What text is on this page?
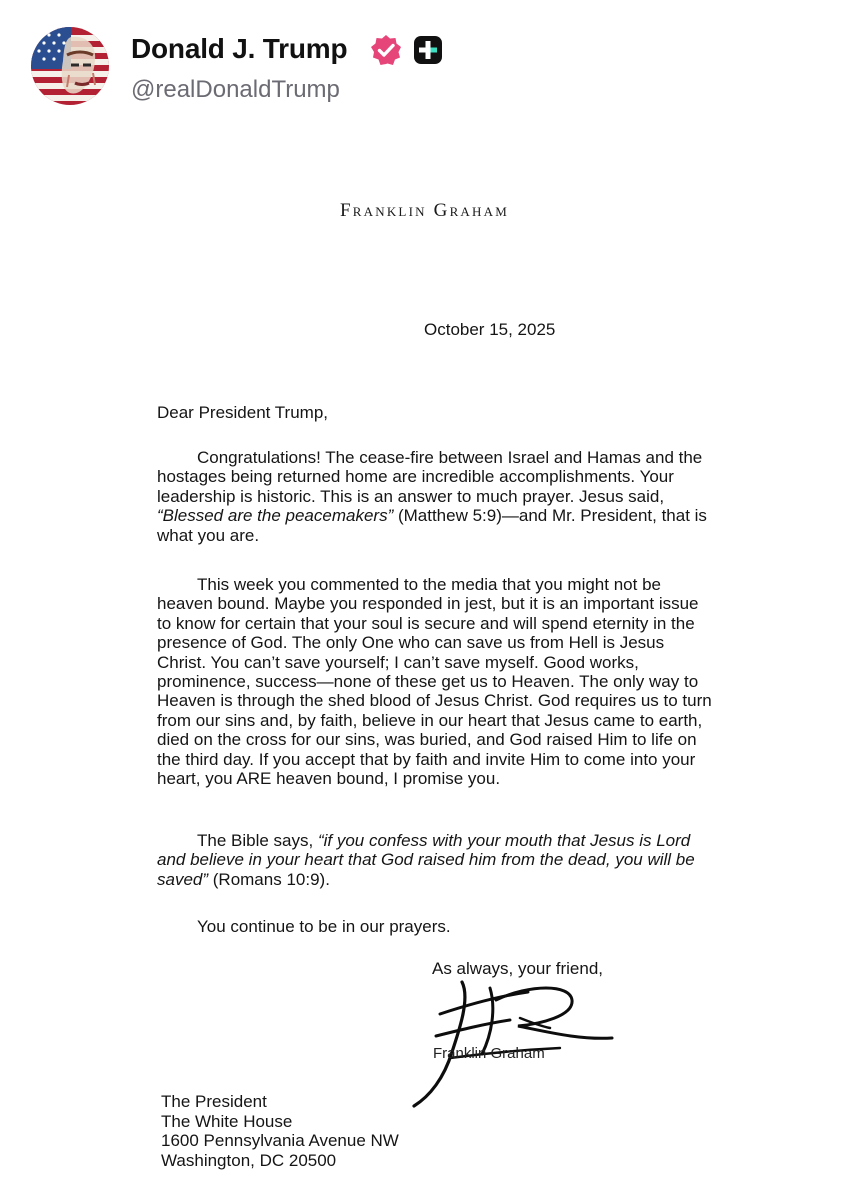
Donald J. Trump
@realDonaldTrump
Franklin Graham
October 15, 2025
Dear President Trump,

Congratulations! The cease-fire between Israel and Hamas and the hostages being returned home are incredible accomplishments. Your leadership is historic. This is an answer to much prayer. Jesus said, “Blessed are the peacemakers” (Matthew 5:9)—and Mr. President, that is what you are.

This week you commented to the media that you might not be heaven bound. Maybe you responded in jest, but it is an important issue to know for certain that your soul is secure and will spend eternity in the presence of God. The only One who can save us from Hell is Jesus Christ. You can’t save yourself; I can’t save myself. Good works, prominence, success—none of these get us to Heaven. The only way to Heaven is through the shed blood of Jesus Christ. God requires us to turn from our sins and, by faith, believe in our heart that Jesus came to earth, died on the cross for our sins, was buried, and God raised Him to life on the third day. If you accept that by faith and invite Him to come into your heart, you ARE heaven bound, I promise you.

The Bible says, “if you confess with your mouth that Jesus is Lord and believe in your heart that God raised him from the dead, you will be saved” (Romans 10:9).

You continue to be in our prayers.

As always, your friend,
Franklin Graham
The President
The White House
1600 Pennsylvania Avenue NW
Washington, DC 20500
